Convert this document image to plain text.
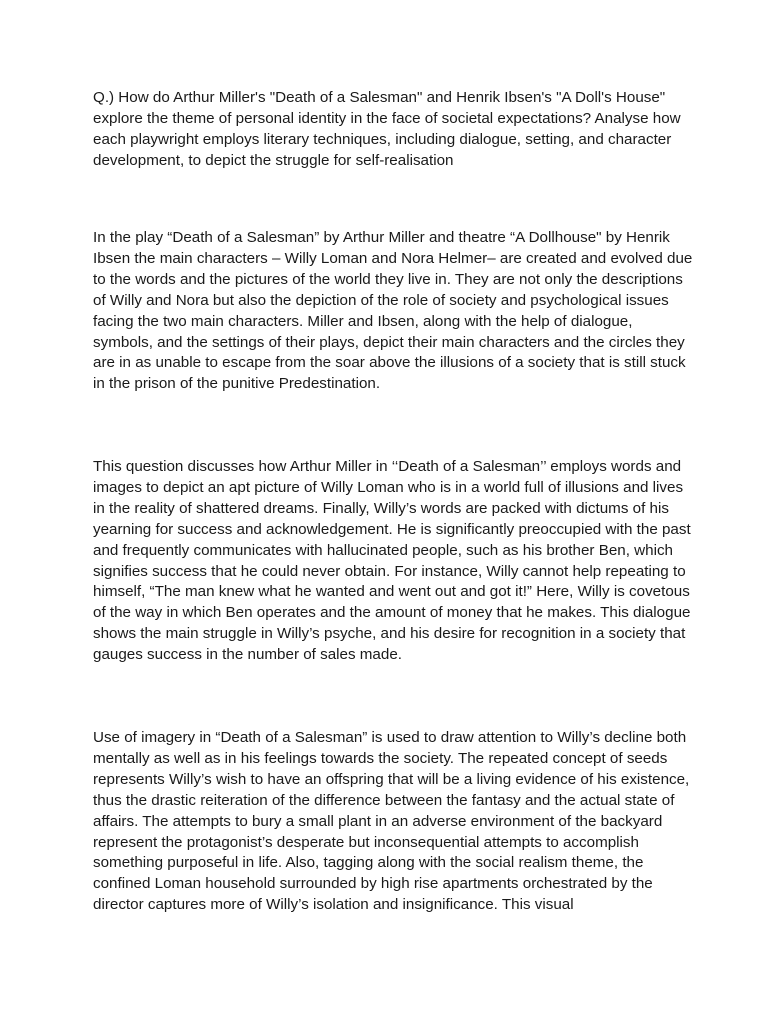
Q.) How do Arthur Miller's "Death of a Salesman" and Henrik Ibsen's "A Doll's House" explore the theme of personal identity in the face of societal expectations? Analyse how each playwright employs literary techniques, including dialogue, setting, and character development, to depict the struggle for self-realisation

In the play “Death of a Salesman” by Arthur Miller and theatre “A Dollhouse" by Henrik Ibsen the main characters – Willy Loman and Nora Helmer– are created and evolved due to the words and the pictures of the world they live in. They are not only the descriptions of Willy and Nora but also the depiction of the role of society and psychological issues facing the two main characters. Miller and Ibsen, along with the help of dialogue, symbols, and the settings of their plays, depict their main characters and the circles they are in as unable to escape from the soar above the illusions of a society that is still stuck in the prison of the punitive Predestination.

This question discusses how Arthur Miller in ‘‘Death of a Salesman’’ employs words and images to depict an apt picture of Willy Loman who is in a world full of illusions and lives in the reality of shattered dreams. Finally, Willy’s words are packed with dictums of his yearning for success and acknowledgement. He is significantly preoccupied with the past and frequently communicates with hallucinated people, such as his brother Ben, which signifies success that he could never obtain. For instance, Willy cannot help repeating to himself, “The man knew what he wanted and went out and got it!” Here, Willy is covetous of the way in which Ben operates and the amount of money that he makes. This dialogue shows the main struggle in Willy’s psyche, and his desire for recognition in a society that gauges success in the number of sales made.

Use of imagery in “Death of a Salesman” is used to draw attention to Willy’s decline both mentally as well as in his feelings towards the society. The repeated concept of seeds represents Willy’s wish to have an offspring that will be a living evidence of his existence, thus the drastic reiteration of the difference between the fantasy and the actual state of affairs. The attempts to bury a small plant in an adverse environment of the backyard represent the protagonist’s desperate but inconsequential attempts to accomplish something purposeful in life. Also, tagging along with the social realism theme, the confined Loman household surrounded by high rise apartments orchestrated by the director captures more of Willy’s isolation and insignificance. This visual
